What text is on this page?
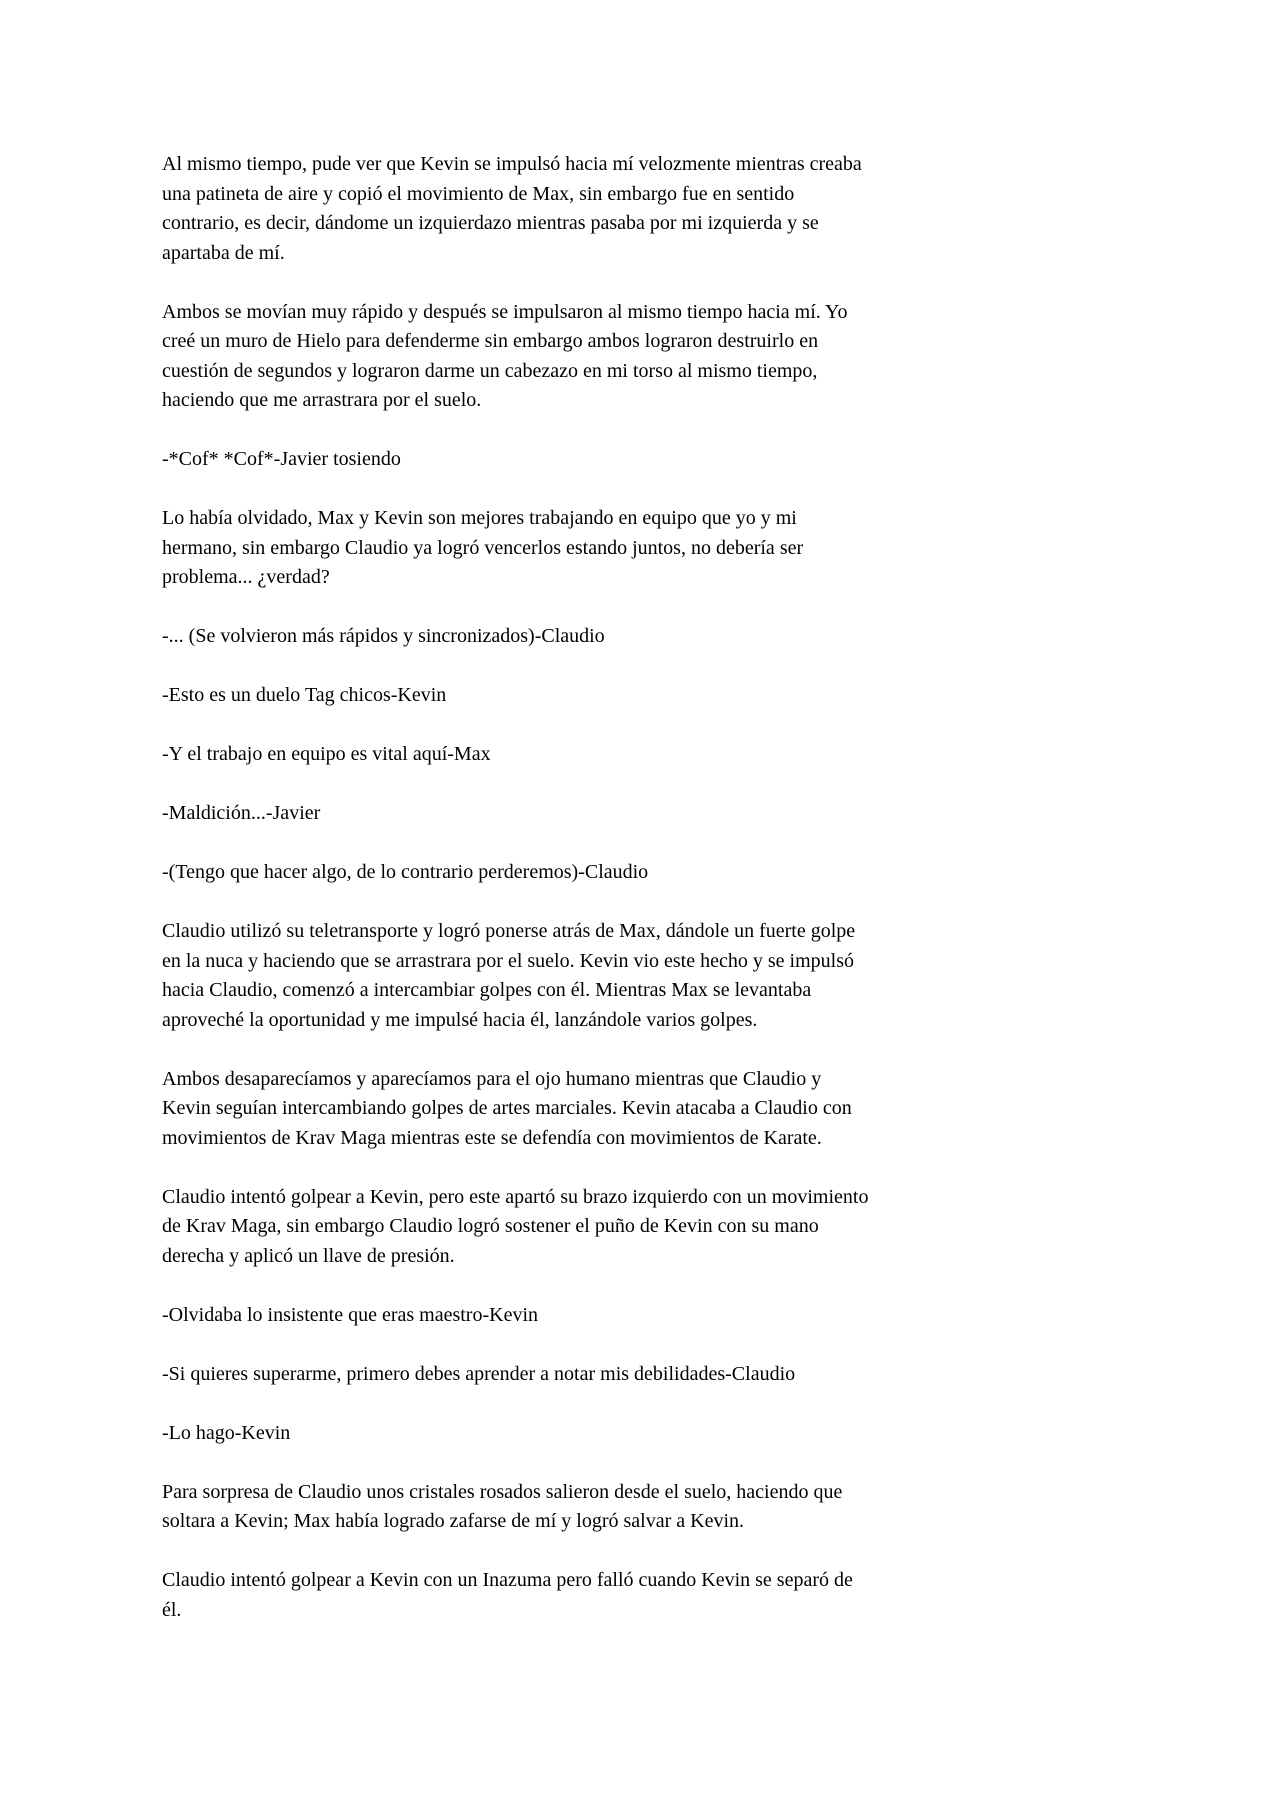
Al mismo tiempo, pude ver que Kevin se impulsó hacia mí velozmente mientras creaba
una patineta de aire y copió el movimiento de Max, sin embargo fue en sentido
contrario, es decir, dándome un izquierdazo mientras pasaba por mi izquierda y se
apartaba de mí.

Ambos se movían muy rápido y después se impulsaron al mismo tiempo hacia mí. Yo
creé un muro de Hielo para defenderme sin embargo ambos lograron destruirlo en
cuestión de segundos y lograron darme un cabezazo en mi torso al mismo tiempo,
haciendo que me arrastrara por el suelo.

-*Cof* *Cof*-Javier tosiendo

Lo había olvidado, Max y Kevin son mejores trabajando en equipo que yo y mi
hermano, sin embargo Claudio ya logró vencerlos estando juntos, no debería ser
problema... ¿verdad?

-... (Se volvieron más rápidos y sincronizados)-Claudio

-Esto es un duelo Tag chicos-Kevin

-Y el trabajo en equipo es vital aquí-Max

-Maldición...-Javier

-(Tengo que hacer algo, de lo contrario perderemos)-Claudio

Claudio utilizó su teletransporte y logró ponerse atrás de Max, dándole un fuerte golpe
en la nuca y haciendo que se arrastrara por el suelo. Kevin vio este hecho y se impulsó
hacia Claudio, comenzó a intercambiar golpes con él. Mientras Max se levantaba
aproveché la oportunidad y me impulsé hacia él, lanzándole varios golpes.

Ambos desaparecíamos y aparecíamos para el ojo humano mientras que Claudio y
Kevin seguían intercambiando golpes de artes marciales. Kevin atacaba a Claudio con
movimientos de Krav Maga mientras este se defendía con movimientos de Karate.

Claudio intentó golpear a Kevin, pero este apartó su brazo izquierdo con un movimiento
de Krav Maga, sin embargo Claudio logró sostener el puño de Kevin con su mano
derecha y aplicó un llave de presión.

-Olvidaba lo insistente que eras maestro-Kevin

-Si quieres superarme, primero debes aprender a notar mis debilidades-Claudio

-Lo hago-Kevin

Para sorpresa de Claudio unos cristales rosados salieron desde el suelo, haciendo que
soltara a Kevin; Max había logrado zafarse de mí y logró salvar a Kevin.

Claudio intentó golpear a Kevin con un Inazuma pero falló cuando Kevin se separó de
él.
